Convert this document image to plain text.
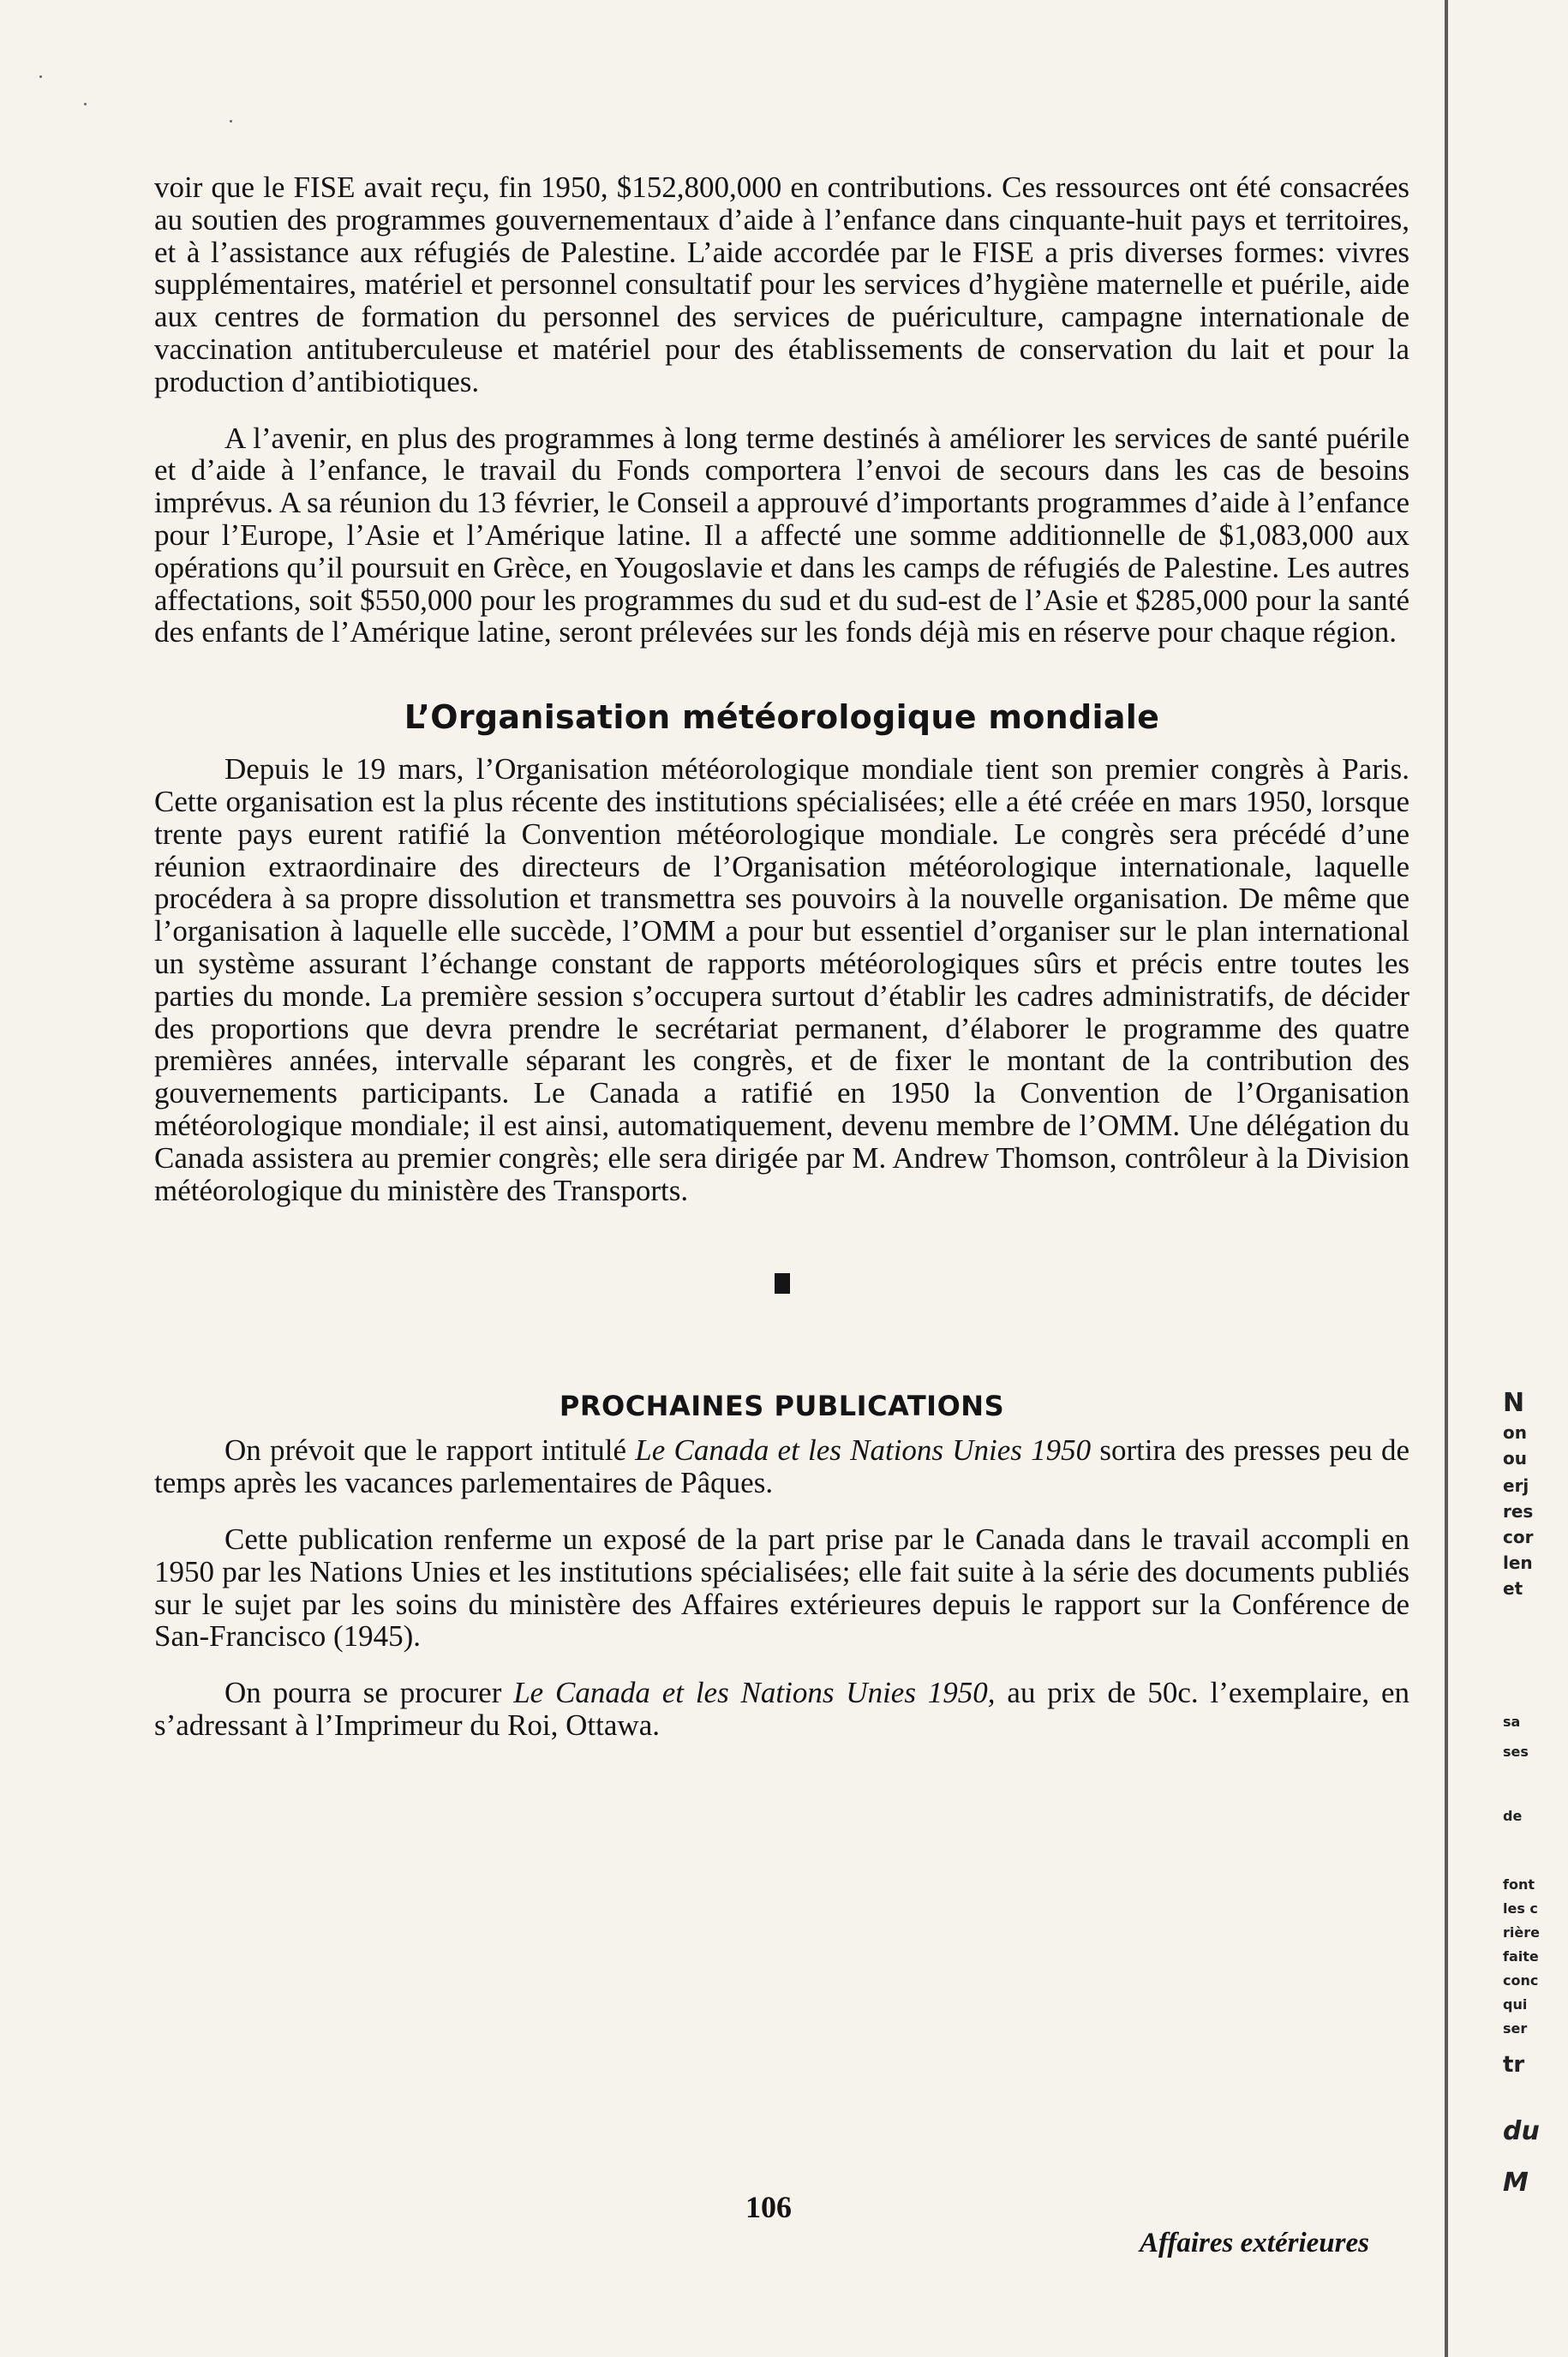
N
on
ou
erj
res
cor
len
et
sa
ses
de
font
les c
rière
faite
conc
qui
ser
tr
du
M

voir que le FISE avait reçu, fin 1950, $152,800,000 en contributions. Ces ressources ont été consacrées au soutien des programmes gouvernementaux d’aide à l’enfance dans cinquante-huit pays et territoires, et à l’assistance aux réfugiés de Palestine. L’aide accordée par le FISE a pris diverses formes: vivres supplémentaires, matériel et personnel consultatif pour les services d’hygiène maternelle et puérile, aide aux centres de formation du personnel des services de puériculture, campagne internationale de vaccination antituberculeuse et matériel pour des établissements de conservation du lait et pour la production d’antibiotiques.

A l’avenir, en plus des programmes à long terme destinés à améliorer les services de santé puérile et d’aide à l’enfance, le travail du Fonds comportera l’envoi de secours dans les cas de besoins imprévus. A sa réunion du 13 février, le Conseil a approuvé d’importants programmes d’aide à l’enfance pour l’Europe, l’Asie et l’Amérique latine. Il a affecté une somme additionnelle de $1,083,000 aux opérations qu’il poursuit en Grèce, en Yougoslavie et dans les camps de réfugiés de Palestine. Les autres affectations, soit $550,000 pour les programmes du sud et du sud-est de l’Asie et $285,000 pour la santé des enfants de l’Amérique latine, seront prélevées sur les fonds déjà mis en réserve pour chaque région.

L’Organisation météorologique mondiale

Depuis le 19 mars, l’Organisation météorologique mondiale tient son premier congrès à Paris. Cette organisation est la plus récente des institutions spécialisées; elle a été créée en mars 1950, lorsque trente pays eurent ratifié la Convention météorologique mondiale. Le congrès sera précédé d’une réunion extraordinaire des directeurs de l’Organisation météorologique internationale, laquelle procédera à sa propre dissolution et transmettra ses pouvoirs à la nouvelle organisation. De même que l’organisation à laquelle elle succède, l’OMM a pour but essentiel d’organiser sur le plan international un système assurant l’échange constant de rapports météorologiques sûrs et précis entre toutes les parties du monde. La première session s’occupera surtout d’établir les cadres administratifs, de décider des proportions que devra prendre le secrétariat permanent, d’élaborer le programme des quatre premières années, intervalle séparant les congrès, et de fixer le montant de la contribution des gouvernements participants. Le Canada a ratifié en 1950 la Convention de l’Organisation météorologique mondiale; il est ainsi, automatiquement, devenu membre de l’OMM. Une délégation du Canada assistera au premier congrès; elle sera dirigée par M. Andrew Thomson, contrôleur à la Division météorologique du ministère des Transports.

PROCHAINES PUBLICATIONS

On prévoit que le rapport intitulé Le Canada et les Nations Unies 1950 sortira des presses peu de temps après les vacances parlementaires de Pâques.

Cette publication renferme un exposé de la part prise par le Canada dans le travail accompli en 1950 par les Nations Unies et les institutions spécialisées; elle fait suite à la série des documents publiés sur le sujet par les soins du ministère des Affaires extérieures depuis le rapport sur la Conférence de San-Francisco (1945).

On pourra se procurer Le Canada et les Nations Unies 1950, au prix de 50c. l’exemplaire, en s’adressant à l’Imprimeur du Roi, Ottawa.

106
Affaires extérieures
